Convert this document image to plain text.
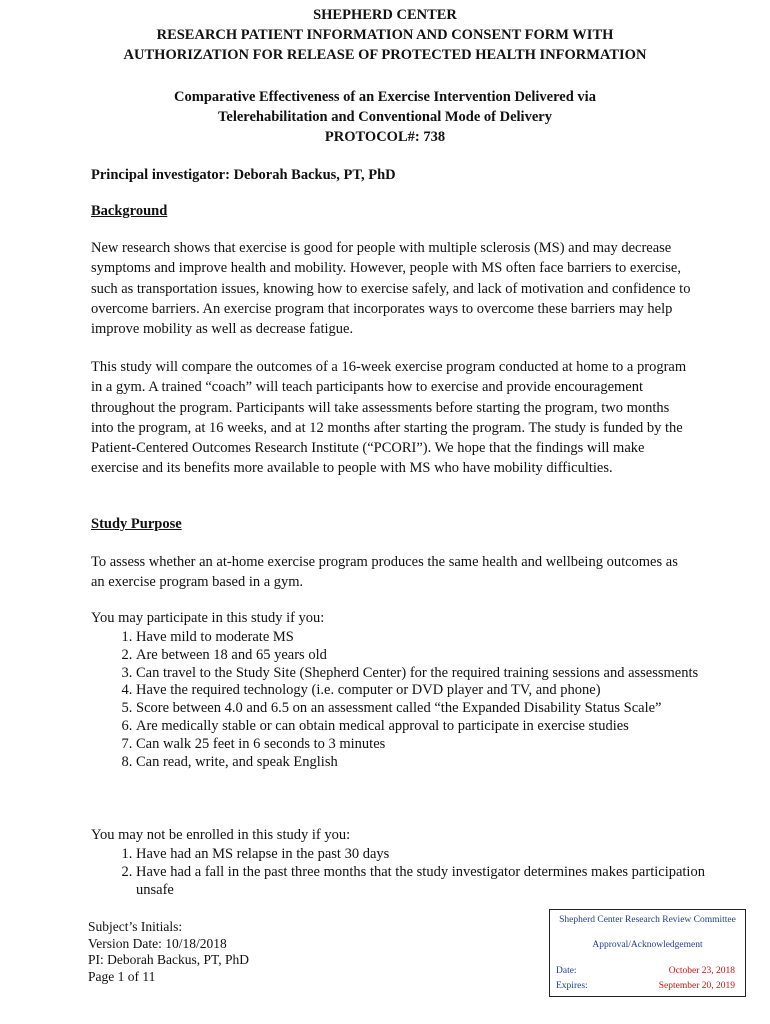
SHEPHERD CENTER
RESEARCH PATIENT INFORMATION AND CONSENT FORM WITH
AUTHORIZATION FOR RELEASE OF PROTECTED HEALTH INFORMATION
Comparative Effectiveness of an Exercise Intervention Delivered via
Telerehabilitation and Conventional Mode of Delivery
PROTOCOL#: 738
Principal investigator: Deborah Backus, PT, PhD
Background
New research shows that exercise is good for people with multiple sclerosis (MS) and may decrease symptoms and improve health and mobility. However, people with MS often face barriers to exercise, such as transportation issues, knowing how to exercise safely, and lack of motivation and confidence to overcome barriers. An exercise program that incorporates ways to overcome these barriers may help improve mobility as well as decrease fatigue.
This study will compare the outcomes of a 16-week exercise program conducted at home to a program in a gym. A trained “coach” will teach participants how to exercise and provide encouragement throughout the program. Participants will take assessments before starting the program, two months into the program, at 16 weeks, and at 12 months after starting the program. The study is funded by the Patient-Centered Outcomes Research Institute (“PCORI”). We hope that the findings will make exercise and its benefits more available to people with MS who have mobility difficulties.
Study Purpose
To assess whether an at-home exercise program produces the same health and wellbeing outcomes as an exercise program based in a gym.
You may participate in this study if you:
1. Have mild to moderate MS
2. Are between 18 and 65 years old
3. Can travel to the Study Site (Shepherd Center) for the required training sessions and assessments
4. Have the required technology (i.e. computer or DVD player and TV, and phone)
5. Score between 4.0 and 6.5 on an assessment called “the Expanded Disability Status Scale”
6. Are medically stable or can obtain medical approval to participate in exercise studies
7. Can walk 25 feet in 6 seconds to 3 minutes
8. Can read, write, and speak English
You may not be enrolled in this study if you:
1. Have had an MS relapse in the past 30 days
2. Have had a fall in the past three months that the study investigator determines makes participation unsafe
Subject’s Initials:
Version Date: 10/18/2018
PI: Deborah Backus, PT, PhD
Page 1 of 11
Shepherd Center Research Review Committee
Approval/Acknowledgement
Date:	October 23, 2018
Expires:	September 20, 2019
